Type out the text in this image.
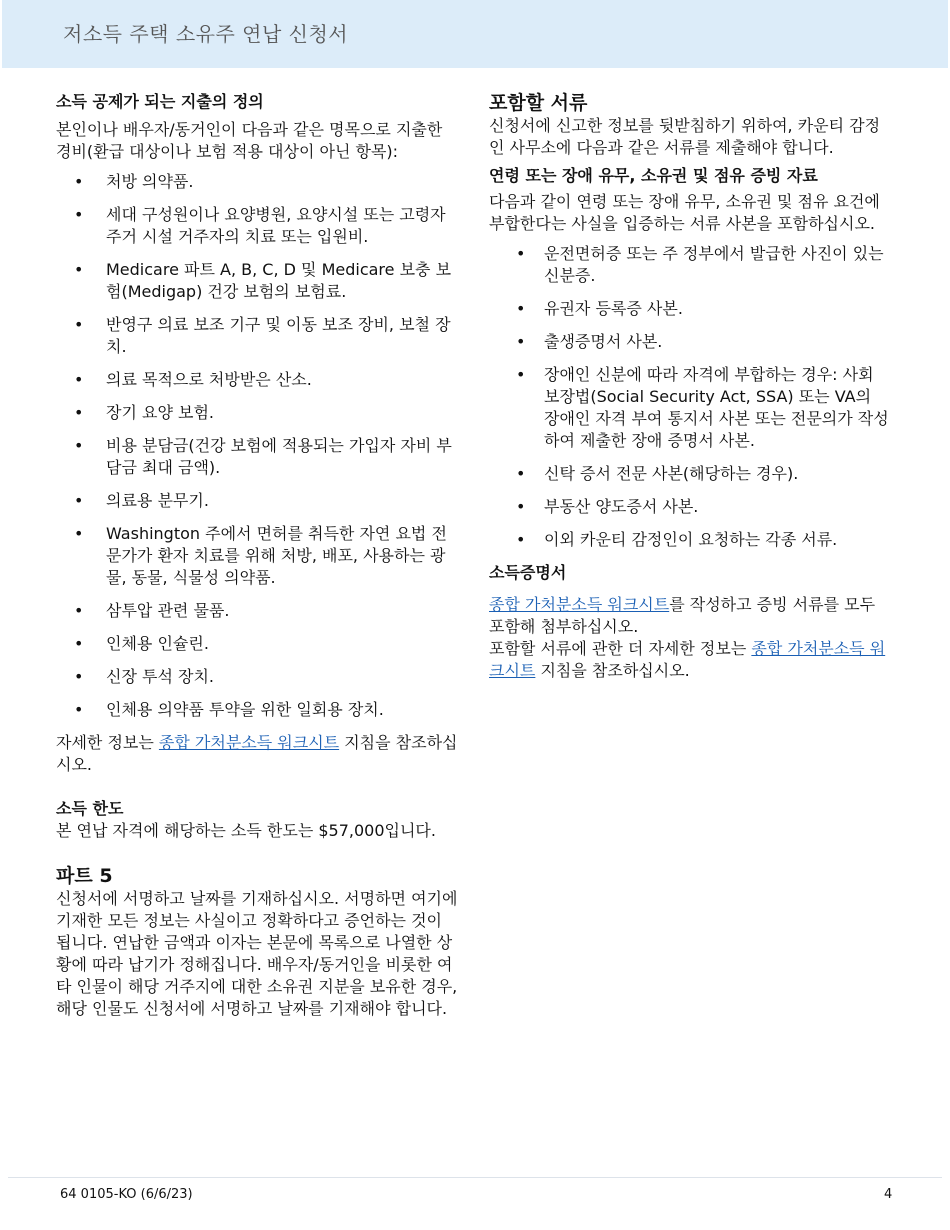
저소득 주택 소유주 연납 신청서
소득 공제가 되는 지출의 정의

본인이나 배우자/동거인이 다음과 같은 명목으로 지출한 경비(환급 대상이나 보험 적용 대상이 아닌 항목):

• 처방 의약품.
• 세대 구성원이나 요양병원, 요양시설 또는 고령자 주거 시설 거주자의 치료 또는 입원비.
• Medicare 파트 A, B, C, D 및 Medicare 보충 보험(Medigap) 건강 보험의 보험료.
• 반영구 의료 보조 기구 및 이동 보조 장비, 보철 장치.
• 의료 목적으로 처방받은 산소.
• 장기 요양 보험.
• 비용 분담금(건강 보험에 적용되는 가입자 자비 부담금 최대 금액).
• 의료용 분무기.
• Washington 주에서 면허를 취득한 자연 요법 전문가가 환자 치료를 위해 처방, 배포, 사용하는 광물, 동물, 식물성 의약품.
• 삼투압 관련 물품.
• 인체용 인슐린.
• 신장 투석 장치.
• 인체용 의약품 투약을 위한 일회용 장치.

자세한 정보는 종합 가처분소득 워크시트 지침을 참조하십시오.

소득 한도

본 연납 자격에 해당하는 소득 한도는 $57,000입니다.

파트 5

신청서에 서명하고 날짜를 기재하십시오. 서명하면 여기에 기재한 모든 정보는 사실이고 정확하다고 증언하는 것이 됩니다. 연납한 금액과 이자는 본문에 목록으로 나열한 상황에 따라 납기가 정해집니다. 배우자/동거인을 비롯한 여타 인물이 해당 거주지에 대한 소유권 지분을 보유한 경우, 해당 인물도 신청서에 서명하고 날짜를 기재해야 합니다.

포함할 서류

신청서에 신고한 정보를 뒷받침하기 위하여, 카운티 감정인 사무소에 다음과 같은 서류를 제출해야 합니다.

연령 또는 장애 유무, 소유권 및 점유 증빙 자료

다음과 같이 연령 또는 장애 유무, 소유권 및 점유 요건에 부합한다는 사실을 입증하는 서류 사본을 포함하십시오.

• 운전면허증 또는 주 정부에서 발급한 사진이 있는 신분증.
• 유권자 등록증 사본.
• 출생증명서 사본.
• 장애인 신분에 따라 자격에 부합하는 경우: 사회 보장법(Social Security Act, SSA) 또는 VA의 장애인 자격 부여 통지서 사본 또는 전문의가 작성하여 제출한 장애 증명서 사본.
• 신탁 증서 전문 사본(해당하는 경우).
• 부동산 양도증서 사본.
• 이외 카운티 감정인이 요청하는 각종 서류.
소득증명서

종합 가처분소득 워크시트를 작성하고 증빙 서류를 모두 포함해 첨부하십시오.

포함할 서류에 관한 더 자세한 정보는 종합 가처분소득 워크시트 지침을 참조하십시오.

64 0105-KO (6/6/23)	4
